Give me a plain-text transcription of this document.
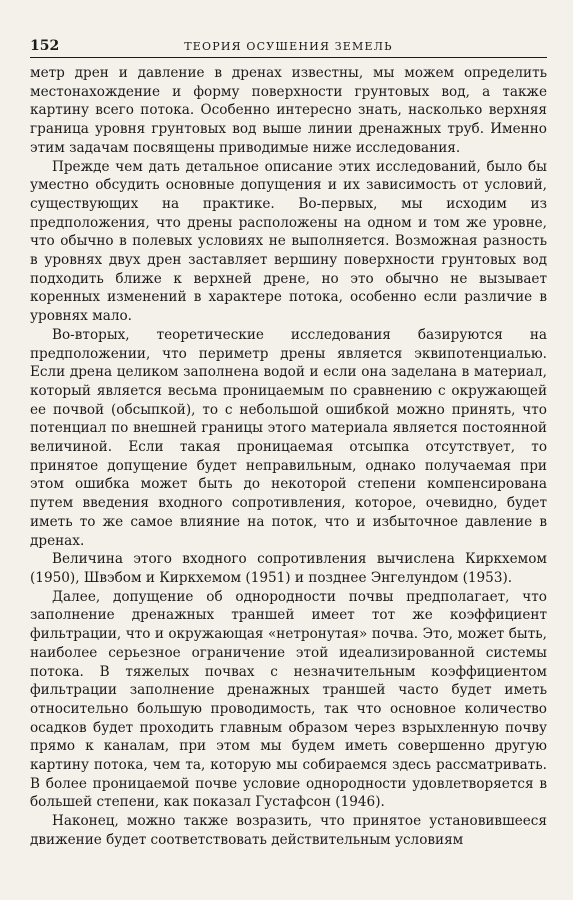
152	ТЕОРИЯ ОСУШЕНИЯ ЗЕМЕЛЬ

метр дрен и давление в дренах известны, мы можем определить местонахождение и форму поверхности грунтовых вод, а также картину всего потока. Особенно интересно знать, насколько верхняя граница уровня грунтовых вод выше линии дренажных труб. Именно этим задачам посвящены приводимые ниже исследования.

Прежде чем дать детальное описание этих исследований, было бы уместно обсудить основные допущения и их зависимость от условий, существующих на практике. Во-первых, мы исходим из предположения, что дрены расположены на одном и том же уровне, что обычно в полевых условиях не выполняется. Возможная разность в уровнях двух дрен заставляет вершину поверхности грунтовых вод подходить ближе к верхней дрене, но это обычно не вызывает коренных изменений в характере потока, особенно если различие в уровнях мало.

Во-вторых, теоретические исследования базируются на предположении, что периметр дрены является эквипотенциалью. Если дрена целиком заполнена водой и если она заделана в материал, который является весьма проницаемым по сравнению с окружающей ее почвой (обсыпкой), то с небольшой ошибкой можно принять, что потенциал по внешней границы этого материала является постоянной величиной. Если такая проницаемая отсыпка отсутствует, то принятое допущение будет неправильным, однако получаемая при этом ошибка может быть до некоторой степени компенсирована путем введения входного сопротивления, которое, очевидно, будет иметь то же самое влияние на поток, что и избыточное давление в дренах.

Величина этого входного сопротивления вычислена Киркхемом (1950), Швэбом и Киркхемом (1951) и позднее Энгелундом (1953).

Далее, допущение об однородности почвы предполагает, что заполнение дренажных траншей имеет тот же коэффициент фильтрации, что и окружающая «нетронутая» почва. Это, может быть, наиболее серьезное ограничение этой идеализированной системы потока. В тяжелых почвах с незначительным коэффициентом фильтрации заполнение дренажных траншей часто будет иметь относительно большую проводимость, так что основное количество осадков будет проходить главным образом через взрыхленную почву прямо к каналам, при этом мы будем иметь совершенно другую картину потока, чем та, которую мы собираемся здесь рассматривать. В более проницаемой почве условие однородности удовлетворяется в большей степени, как показал Густафсон (1946).

Наконец, можно также возразить, что принятое установившееся движение будет соответствовать действительным условиям
